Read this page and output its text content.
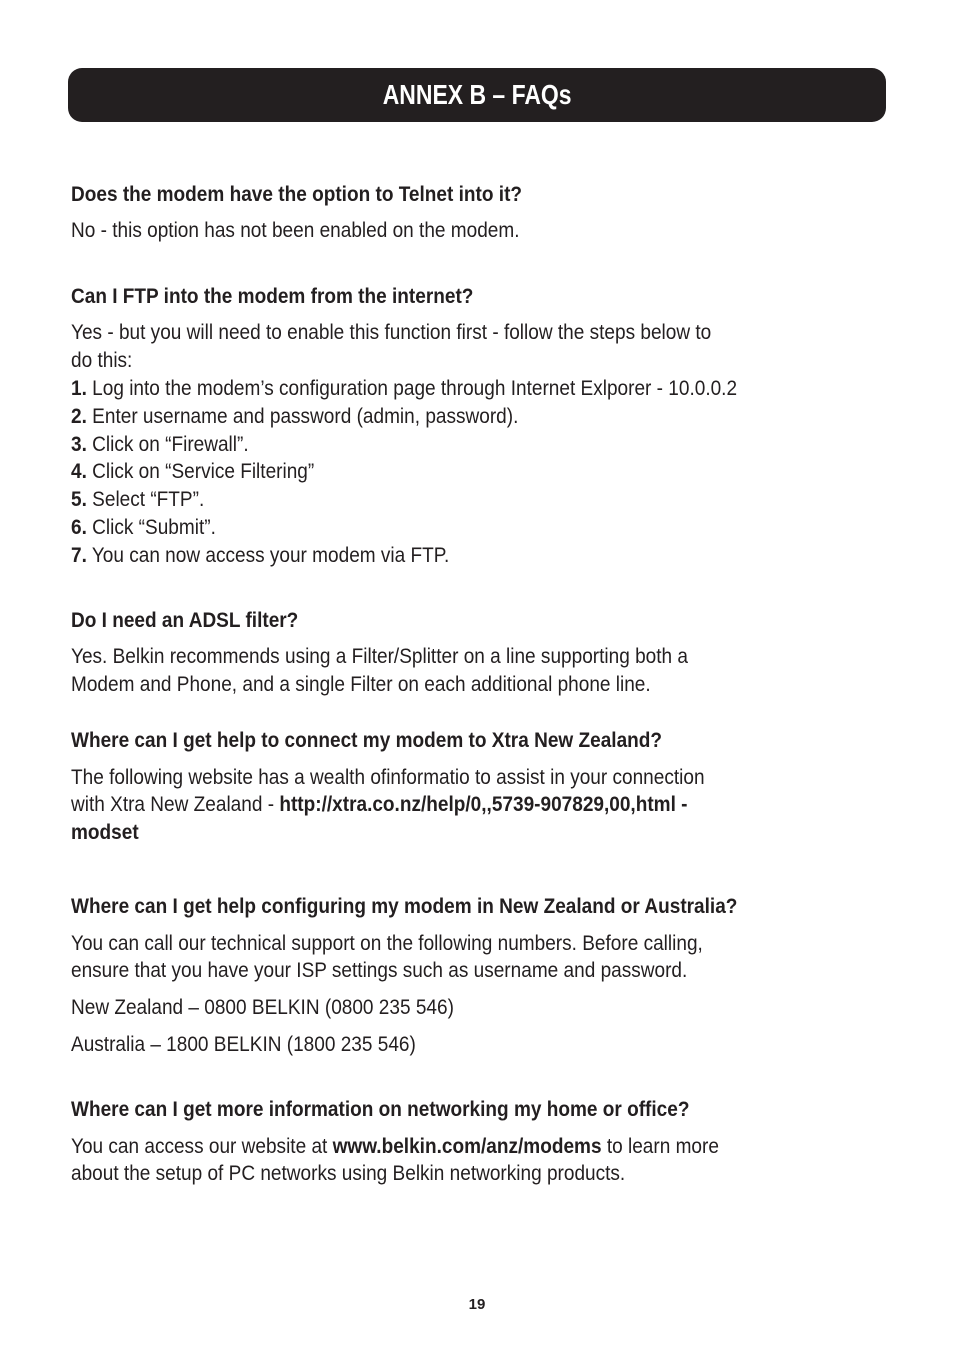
ANNEX B – FAQs
Does the modem have the option to Telnet into it?
No - this option has not been enabled on the modem.
Can I FTP into the modem from the internet?
Yes - but you will need to enable this function first - follow the steps below to
do this:
1. Log into the modem’s configuration page through Internet Exlporer - 10.0.0.2
2. Enter username and password (admin, password).
3. Click on “Firewall”.
4. Click on “Service Filtering”
5. Select “FTP”.
6. Click “Submit”.
7. You can now access your modem via FTP.
Do I need an ADSL filter?
Yes. Belkin recommends using a Filter/Splitter on a line supporting both a
Modem and Phone, and a single Filter on each additional phone line.
Where can I get help to connect my modem to Xtra New Zealand?
The following website has a wealth ofinformatio to assist in your connection
with Xtra New Zealand - http://xtra.co.nz/help/0,,5739-907829,00,html -
modset
Where can I get help configuring my modem in New Zealand or Australia?
You can call our technical support on the following numbers. Before calling,
ensure that you have your ISP settings such as username and password.
New Zealand – 0800 BELKIN (0800 235 546)
Australia – 1800 BELKIN (1800 235 546)
Where can I get more information on networking my home or office?
You can access our website at www.belkin.com/anz/modems to learn more
about the setup of PC networks using Belkin networking products.
19
